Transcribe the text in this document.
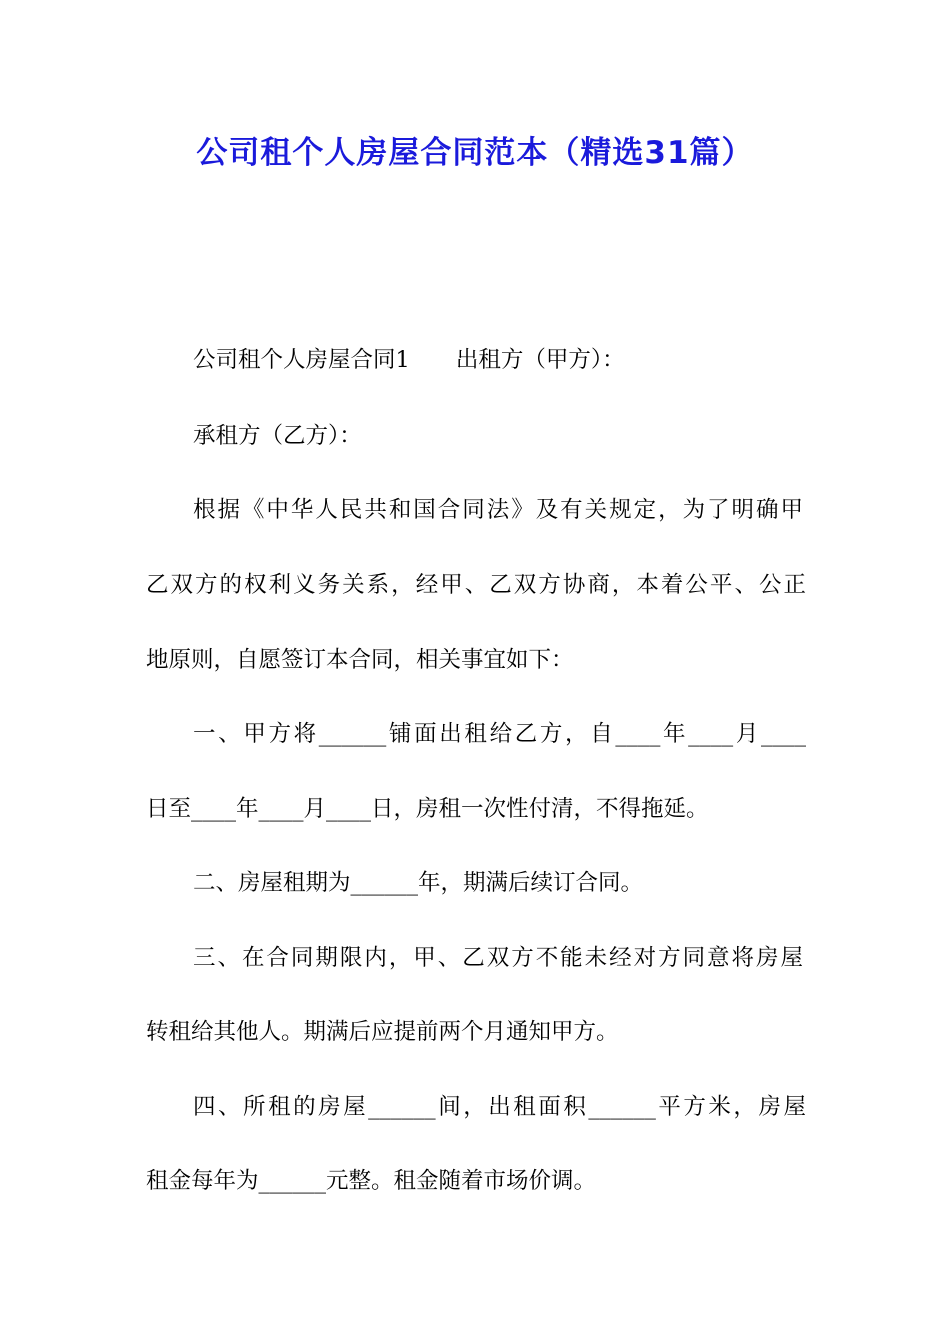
公司租个人房屋合同范本（精选31篇）
公司租个人房屋合同1 出租方（甲方）：
承租方（乙方）：
根据《中华人民共和国合同法》及有关规定，为了明确甲
乙双方的权利义务关系，经甲、乙双方协商，本着公平、公正
地原则，自愿签订本合同，相关事宜如下：
一、甲方将______铺面出租给乙方，自____年____月____
日至____年____月____日，房租一次性付清，不得拖延。
二、房屋租期为______年，期满后续订合同。
三、在合同期限内，甲、乙双方不能未经对方同意将房屋
转租给其他人。期满后应提前两个月通知甲方。
四、所租的房屋______间，出租面积______平方米，房屋
租金每年为______元整。租金随着市场价调。
